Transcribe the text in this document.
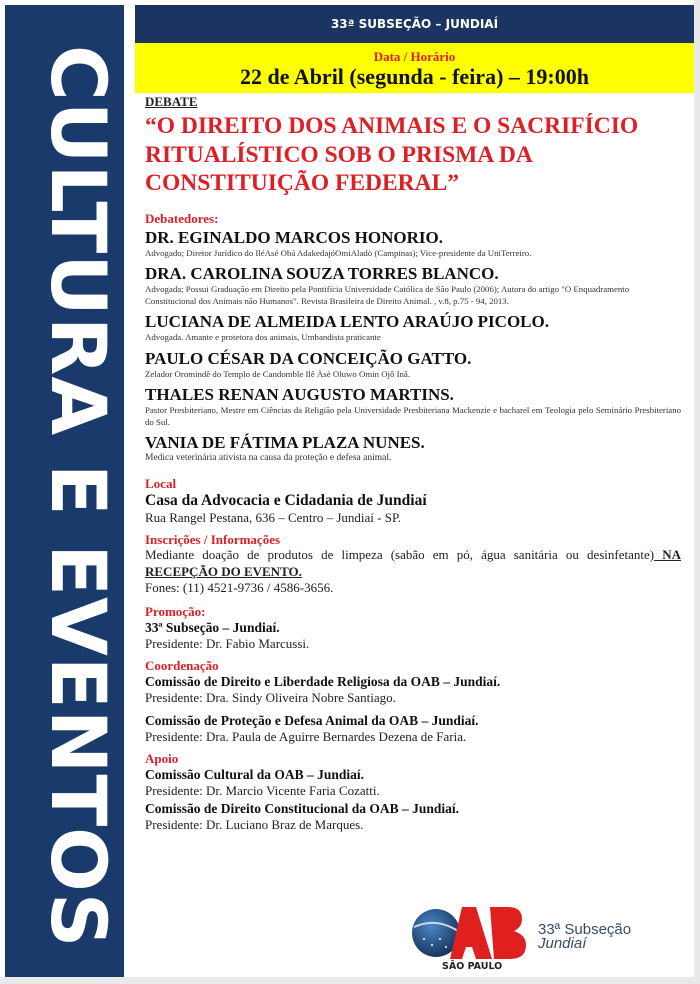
CULTURA E EVENTOS
33ª SUBSEÇÃO – JUNDIAÍ
Data / Horário
22 de Abril (segunda - feira) – 19:00h
DEBATE
“O DIREITO DOS ANIMAIS E O SACRIFÍCIO
RITUALÍSTICO SOB O PRISMA DA
CONSTITUIÇÃO FEDERAL”
Debatedores:
DR. EGINALDO MARCOS HONORIO.
Advogado; Diretor Jurídico do IléAsé Obá AdakedajóOmiAladò (Campinas); Vice-presidente da UniTerreiro.
DRA. CAROLINA SOUZA TORRES BLANCO.
Advogada; Possui Graduação em Direito pela Pontifícia Universidade Católica de São Paulo (2006); Autora do artigo "O Enquadramento Constitucional dos Animais não Humanos". Revista Brasileira de Direito Animal. , v.8, p.75 - 94, 2013.
LUCIANA DE ALMEIDA LENTO ARAÚJO PICOLO.
Advogada. Amante e protetora dos animais, Umbandista praticante
PAULO CÉSAR DA CONCEIÇÃO GATTO.
Zelador Oromindê do Templo de Candomble Ilê Àsè Oluwo Omin Ojô Inã.
THALES RENAN AUGUSTO MARTINS.
Pastor Presbiteriano, Mestre em Ciências da Religião pela Universidade Presbiteriana Mackenzie e bacharel em Teologia pelo Seminário Presbiteriano do Sul.
VANIA DE FÁTIMA PLAZA NUNES.
Medica veterinária ativista na causa da proteção e defesa animal.
Local
Casa da Advocacia e Cidadania de Jundiaí
Rua Rangel Pestana, 636 – Centro – Jundiaí - SP.
Inscrições / Informações
Mediante doação de produtos de limpeza (sabão em pó, água sanitária ou desinfetante) NA RECEPÇÃO DO EVENTO.
Fones: (11) 4521-9736 / 4586-3656.
Promoção:
33ª Subseção – Jundiaí.
Presidente: Dr. Fabio Marcussi.
Coordenação
Comissão de Direito e Liberdade Religiosa da OAB – Jundiaí.
Presidente: Dra. Sindy Oliveira Nobre Santiago.
Comissão de Proteção e Defesa Animal da OAB – Jundiaí.
Presidente: Dra. Paula de Aguirre Bernardes Dezena de Faria.
Apoio
Comissão Cultural da OAB – Jundiaí.
Presidente: Dr. Marcio Vicente Faria Cozatti.
Comissão de Direito Constitucional da OAB – Jundiaí.
Presidente: Dr. Luciano Braz de Marques.
SÃO PAULO
33ª Subseção
Jundiaí
